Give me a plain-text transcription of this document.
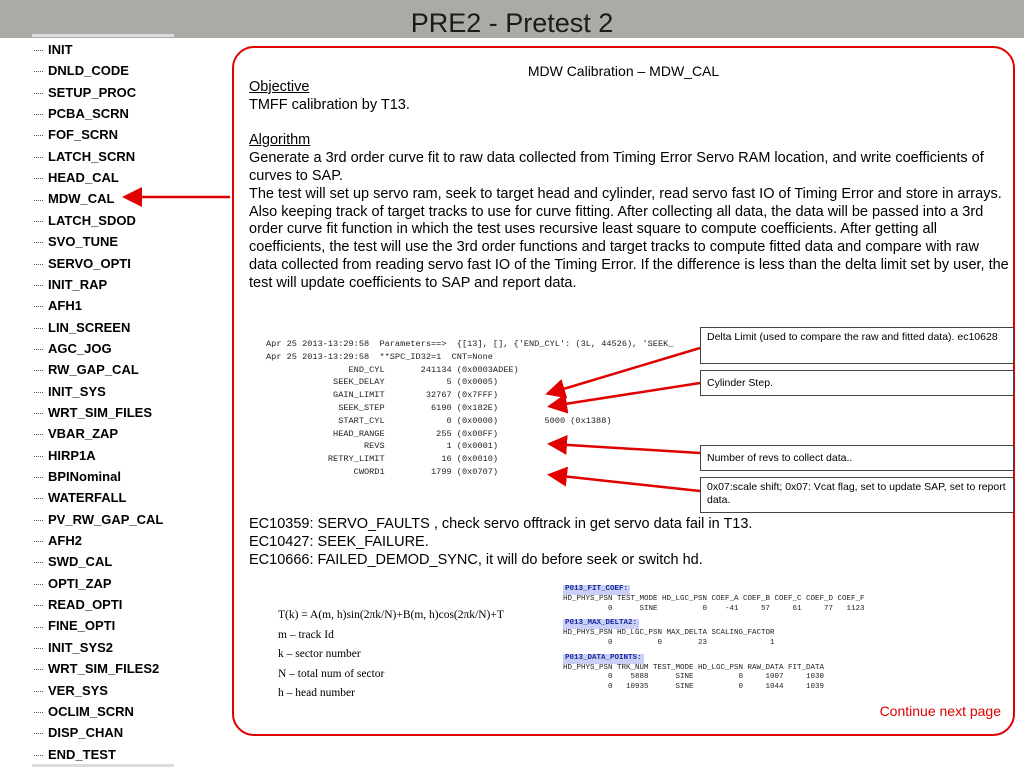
PRE2 - Pretest 2
INIT
DNLD_CODE
SETUP_PROC
PCBA_SCRN
FOF_SCRN
LATCH_SCRN
HEAD_CAL
MDW_CAL
LATCH_SDOD
SVO_TUNE
SERVO_OPTI
INIT_RAP
AFH1
LIN_SCREEN
AGC_JOG
RW_GAP_CAL
INIT_SYS
WRT_SIM_FILES
VBAR_ZAP
HIRP1A
BPINominal
WATERFALL
PV_RW_GAP_CAL
AFH2
SWD_CAL
OPTI_ZAP
READ_OPTI
FINE_OPTI
INIT_SYS2
WRT_SIM_FILES2
VER_SYS
OCLIM_SCRN
DISP_CHAN
END_TEST
MDW Calibration – MDW_CAL

Objective

TMFF calibration by T13.

Algorithm

Generate a 3rd order curve fit to raw data collected from Timing Error Servo RAM location, and write coefficients of curves to SAP.

The test will set up servo ram, seek to target head and cylinder, read servo fast IO of Timing Error and store in arrays. Also keeping track of target tracks to use for curve fitting. After collecting all data, the data will be passed into a 3rd order curve fit function in which the test uses recursive least square to compute coefficients. After getting all coefficients, the test will use the 3rd order functions and target tracks to compute fitted data and compare with raw data collected from reading servo fast IO of the Timing Error. If the difference is less than the delta limit set by user, the test will update coefficients to SAP and report data.

Apr 25 2013-13:29:58  Parameters==>  {[13], [], {'END_CYL': (3L, 44526), 'SEEK_
Apr 25 2013-13:29:58  **SPC_ID32=1  CNT=None
END_CYL       241134 (0x0003ADEE)
SEEK_DELAY            5 (0x0005)
GAIN_LIMIT        32767 (0x7FFF)
SEEK_STEP         6190 (0x182E)
START_CYL            0 (0x0000)         5000 (0x1388)
HEAD_RANGE          255 (0x00FF)
REVS            1 (0x0001)
RETRY_LIMIT           16 (0x0010)
CWORD1         1799 (0x0707)
Delta Limit (used to compare the raw and fitted data). ec10628
Cylinder Step.
Number of revs to collect data..
0x07:scale shift; 0x07: Vcat flag, set to update SAP, set to report data.
EC10359: SERVO_FAULTS , check servo offtrack in get servo data fail in T13.
EC10427: SEEK_FAILURE.
EC10666: FAILED_DEMOD_SYNC, it will do before seek or switch hd.
T(k) = A(m, h)sin(2πk/N)+B(m, h)cos(2πk/N)+T
m – track Id
k – sector number
N – total num of sector
h – head number
P013_FIT_COEF:
HD_PHYS_PSN TEST_MODE HD_LGC_PSN COEF_A COEF_B COEF_C COEF_D COEF_F
0      SINE          0    -41     57     61     77   1123
P013_MAX_DELTA2:
HD_PHYS_PSN HD_LGC_PSN MAX_DELTA SCALING_FACTOR
0          0        23              1
P013_DATA_POINTS:
HD_PHYS_PSN TRK_NUM TEST_MODE HD_LGC_PSN RAW_DATA FIT_DATA
0    5888      SINE          0     1007     1030
0   10935      SINE          0     1044     1039
Continue next page
